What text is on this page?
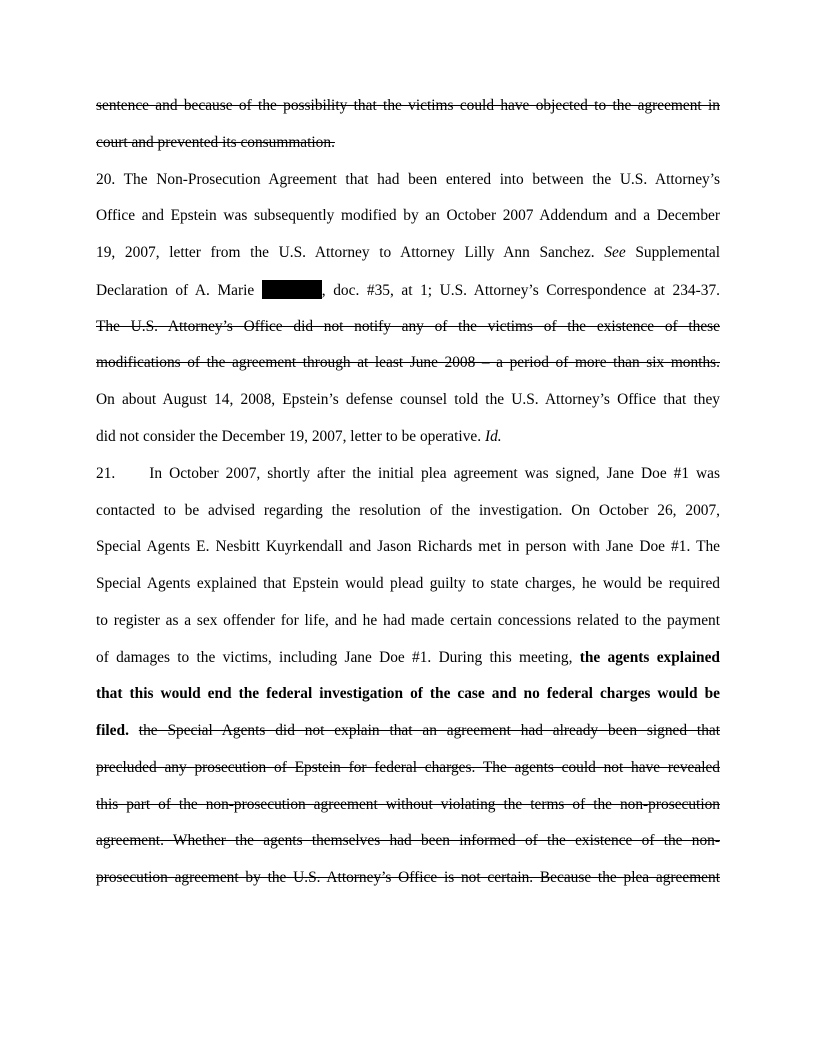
sentence and because of the possibility that the victims could have objected to the agreement in
court and prevented its consummation.
20. The Non-Prosecution Agreement that had been entered into between the U.S. Attorney’s
Office and Epstein was subsequently modified by an October 2007 Addendum and a December
19, 2007, letter from the U.S. Attorney to Attorney Lilly Ann Sanchez. See Supplemental
Declaration of A. Marie	, doc. #35, at 1; U.S. Attorney’s Correspondence at 234-37.
The U.S. Attorney’s Office did not notify any of the victims of the existence of these
modifications of the agreement through at least June 2008 – a period of more than six months.
On about August 14, 2008, Epstein’s defense counsel told the U.S. Attorney’s Office that they
did not consider the December 19, 2007, letter to be operative. Id.
21. In October 2007, shortly after the initial plea agreement was signed, Jane Doe #1 was
contacted to be advised regarding the resolution of the investigation. On October 26, 2007,
Special Agents E. Nesbitt Kuyrkendall and Jason Richards met in person with Jane Doe #1. The
Special Agents explained that Epstein would plead guilty to state charges, he would be required
to register as a sex offender for life, and he had made certain concessions related to the payment
of damages to the victims, including Jane Doe #1. During this meeting, the agents explained
that this would end the federal investigation of the case and no federal charges would be
filed. the Special Agents did not explain that an agreement had already been signed that
precluded any prosecution of Epstein for federal charges. The agents could not have revealed
this part of the non-prosecution agreement without violating the terms of the non-prosecution
agreement. Whether the agents themselves had been informed of the existence of the non-
prosecution agreement by the U.S. Attorney’s Office is not certain. Because the plea agreement
